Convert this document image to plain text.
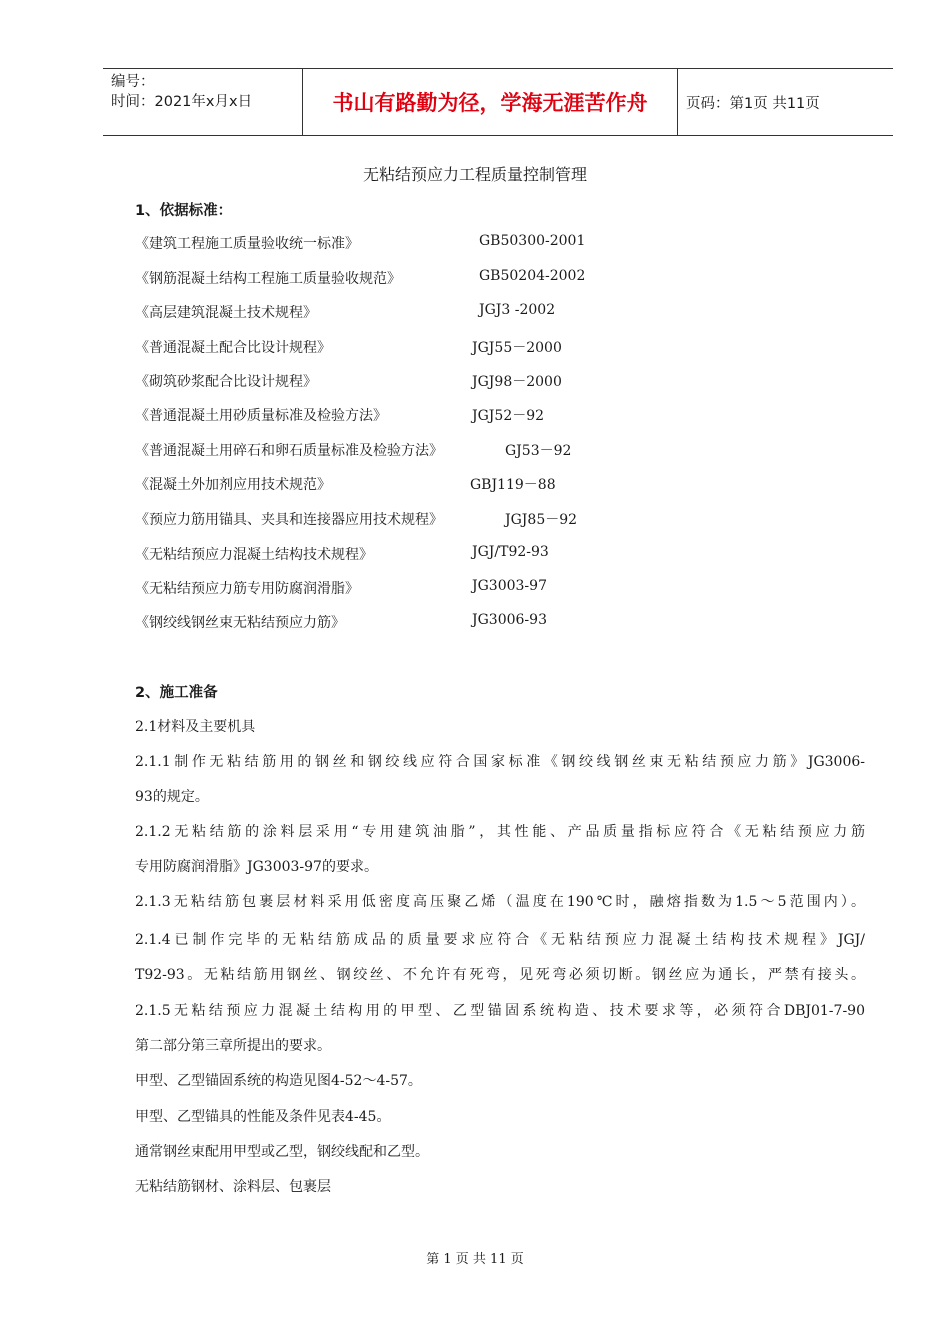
编号：
时间：2021年x月x日	书山有路勤为径，学海无涯苦作舟	页码：第1页 共11页
无粘结预应力工程质量控制管理
1、依据标准：
《建筑工程施工质量验收统一标准》	GB50300-2001
《钢筋混凝土结构工程施工质量验收规范》	GB50204-2002
《高层建筑混凝土技术规程》	JGJ3 -2002
《普通混凝土配合比设计规程》	JGJ55－2000
《砌筑砂浆配合比设计规程》	JGJ98－2000
《普通混凝土用砂质量标准及检验方法》	JGJ52－92
《普通混凝土用碎石和卵石质量标准及检验方法》	GJ53－92
《混凝土外加剂应用技术规范》	GBJ119－88
《预应力筋用锚具、夹具和连接器应用技术规程》	JGJ85－92
《无粘结预应力混凝土结构技术规程》	JGJ/T92-93
《无粘结预应力筋专用防腐润滑脂》	JG3003-97
《钢绞线钢丝束无粘结预应力筋》	JG3006-93
2、施工准备
2.1材料及主要机具
2.1.1制作无粘结筋用的钢丝和钢绞线应符合国家标准《钢绞线钢丝束无粘结预应力筋》JG3006-
93的规定。
2.1.2无粘结筋的涂料层采用“专用建筑油脂”，其性能、产品质量指标应符合《无粘结预应力筋
专用防腐润滑脂》JG3003-97的要求。
2.1.3无粘结筋包裹层材料采用低密度高压聚乙烯（温度在190℃时，融熔指数为1.5～5范围内）。
2.1.4已制作完毕的无粘结筋成品的质量要求应符合《无粘结预应力混凝土结构技术规程》JGJ/
T92-93。无粘结筋用钢丝、钢绞丝、不允许有死弯，见死弯必须切断。钢丝应为通长，严禁有接头。
2.1.5无粘结预应力混凝土结构用的甲型、乙型锚固系统构造、技术要求等，必须符合DBJ01-7-90
第二部分第三章所提出的要求。
甲型、乙型锚固系统的构造见图4-52～4-57。
甲型、乙型锚具的性能及条件见表4-45。
通常钢丝束配用甲型或乙型，钢绞线配和乙型。
无粘结筋钢材、涂料层、包裹层
第 1 页 共 11 页
